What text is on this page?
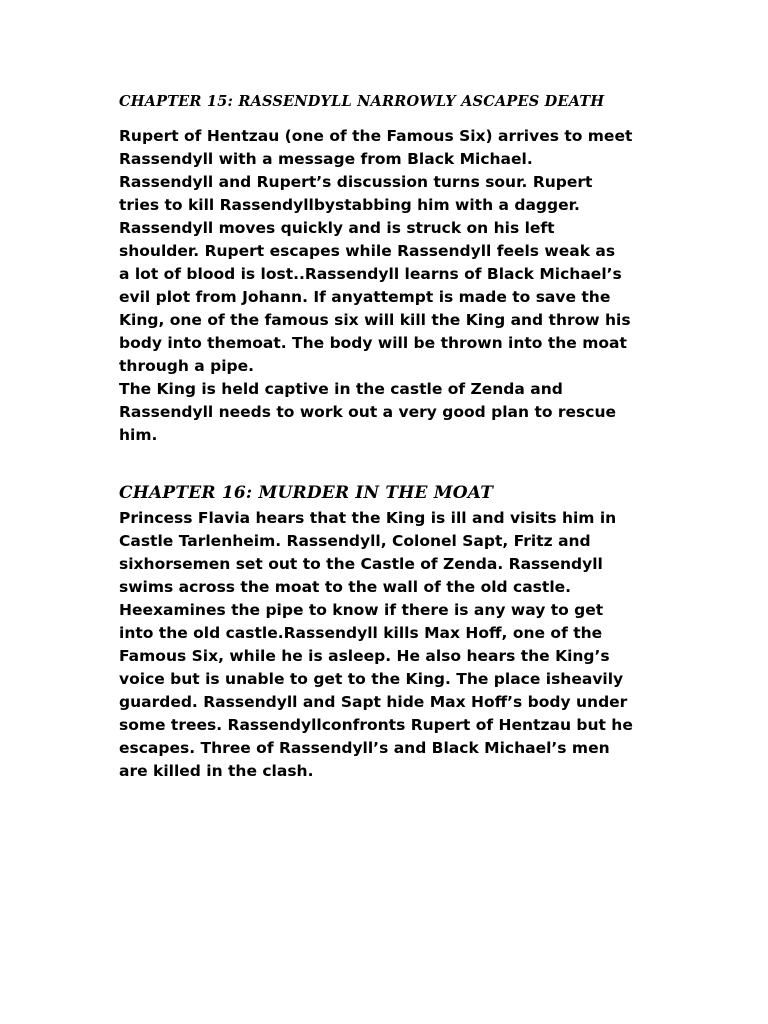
CHAPTER 15: RASSENDYLL NARROWLY ASCAPES DEATH

Rupert of Hentzau (one of the Famous Six) arrives to meet
Rassendyll with a message from Black Michael.
Rassendyll and Rupert’s discussion turns sour. Rupert
tries to kill Rassendyllbystabbing him with a dagger.
Rassendyll moves quickly and is struck on his left
shoulder. Rupert escapes while Rassendyll feels weak as
a lot of blood is lost..Rassendyll learns of Black Michael’s
evil plot from Johann. If anyattempt is made to save the
King, one of the famous six will kill the King and throw his
body into themoat. The body will be thrown into the moat
through a pipe.
The King is held captive in the castle of Zenda and
Rassendyll needs to work out a very good plan to rescue
him.

CHAPTER 16: MURDER IN THE MOAT

Princess Flavia hears that the King is ill and visits him in
Castle Tarlenheim. Rassendyll, Colonel Sapt, Fritz and
sixhorsemen set out to the Castle of Zenda. Rassendyll
swims across the moat to the wall of the old castle.
Heexamines the pipe to know if there is any way to get
into the old castle.Rassendyll kills Max Hoff, one of the
Famous Six, while he is asleep. He also hears the King’s
voice but is unable to get to the King. The place isheavily
guarded. Rassendyll and Sapt hide Max Hoff’s body under
some trees. Rassendyllconfronts Rupert of Hentzau but he
escapes. Three of Rassendyll’s and Black Michael’s men
are killed in the clash.
